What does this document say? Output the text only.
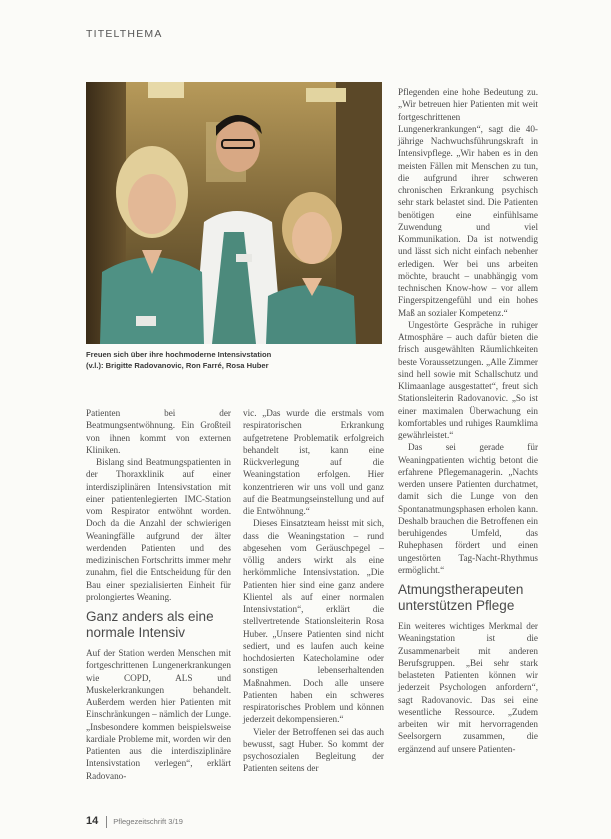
TITELTHEMA
Freuen sich über ihre hochmoderne Intensivstation
(v.l.): Brigitte Radovanovic, Ron Farré, Rosa Huber

Patienten bei der Beatmungsentwöhnung. Ein Großteil von ihnen kommt von externen Kliniken.

Bislang sind Beatmungspatienten in der Thoraxklinik auf einer interdisziplinären Intensivstation mit einer patientenlegierten IMC-Station vom Respirator entwöhnt worden. Doch da die Anzahl der schwierigen Weaningfälle aufgrund der älter werdenden Patienten und des medizinischen Fortschritts immer mehr zunahm, fiel die Entscheidung für den Bau einer spezialisierten Einheit für prolongiertes Weaning.

Ganz anders als eine normale Intensiv

Auf der Station werden Menschen mit fortgeschrittenen Lungenerkrankungen wie COPD, ALS und Muskelerkrankungen behandelt. Außerdem werden hier Patienten mit Einschränkungen – nämlich der Lunge. „Insbesondere kommen beispielsweise kardiale Probleme mit, worden wir den Patienten aus die interdisziplinäre Intensivstation verlegen“, erklärt Radovano-

vic. „Das wurde die erstmals vom respiratorischen Erkrankung aufgetretene Problematik erfolgreich behandelt ist, kann eine Rückverlegung auf die Weaningstation erfolgen. Hier konzentrieren wir uns voll und ganz auf die Beatmungseinstellung und auf die Entwöhnung.“

Dieses Einsatzteam heisst mit sich, dass die Weaningstation – rund abgesehen vom Geräuschpegel – völlig anders wirkt als eine herkömmliche Intensivstation. „Die Patienten hier sind eine ganz andere Klientel als auf einer normalen Intensivstation“, erklärt die stellvertretende Stationsleiterin Rosa Huber. „Unsere Patienten sind nicht sediert, und es laufen auch keine hochdosierten Katecholamine oder sonstigen lebenserhaltenden Maßnahmen. Doch alle unsere Patienten haben ein schweres respiratorisches Problem und können jederzeit dekompensieren.“

Vieler der Betroffenen sei das auch bewusst, sagt Huber. So kommt der psychosozialen Begleitung der Patienten seitens der

Pflegenden eine hohe Bedeutung zu. „Wir betreuen hier Patienten mit weit fortgeschrittenen Lungenerkrankungen“, sagt die 40-jährige Nachwuchsführungskraft in Intensivpflege. „Wir haben es in den meisten Fällen mit Menschen zu tun, die aufgrund ihrer schweren chronischen Erkrankung psychisch sehr stark belastet sind. Die Patienten benötigen eine einfühlsame Zuwendung und viel Kommunikation. Da ist notwendig und lässt sich nicht einfach nebenher erledigen. Wer bei uns arbeiten möchte, braucht – unabhängig vom technischen Know-how – vor allem Fingerspitzengefühl und ein hohes Maß an sozialer Kompetenz.“

Ungestörte Gespräche in ruhiger Atmosphäre – auch dafür bieten die frisch ausgewählten Räumlichkeiten beste Voraussetzungen. „Alle Zimmer sind hell sowie mit Schallschutz und Klimaanlage ausgestattet“, freut sich Stationsleiterin Radovanovic. „So ist einer maximalen Überwachung ein komfortables und ruhiges Raumklima gewährleistet.“

Das sei gerade für Weaningpatienten wichtig betont die erfahrene Pflegemanagerin. „Nachts werden unsere Patienten durchatmet, damit sich die Lunge von den Spontanatmungsphasen erholen kann. Deshalb brauchen die Betroffenen ein beruhigendes Umfeld, das Ruhephasen fördert und einen ungestörten Tag-Nacht-Rhythmus ermöglicht.“

Atmungstherapeuten unterstützen Pflege

Ein weiteres wichtiges Merkmal der Weaningstation ist die Zusammenarbeit mit anderen Berufsgruppen. „Bei sehr stark belasteten Patienten können wir jederzeit Psychologen anfordern“, sagt Radovanovic. Das sei eine wesentliche Ressource. „Zudem arbeiten wir mit hervorragenden Seelsorgern zusammen, die ergänzend auf unsere Patienten-

14 Pflegezeitschrift 3/19
